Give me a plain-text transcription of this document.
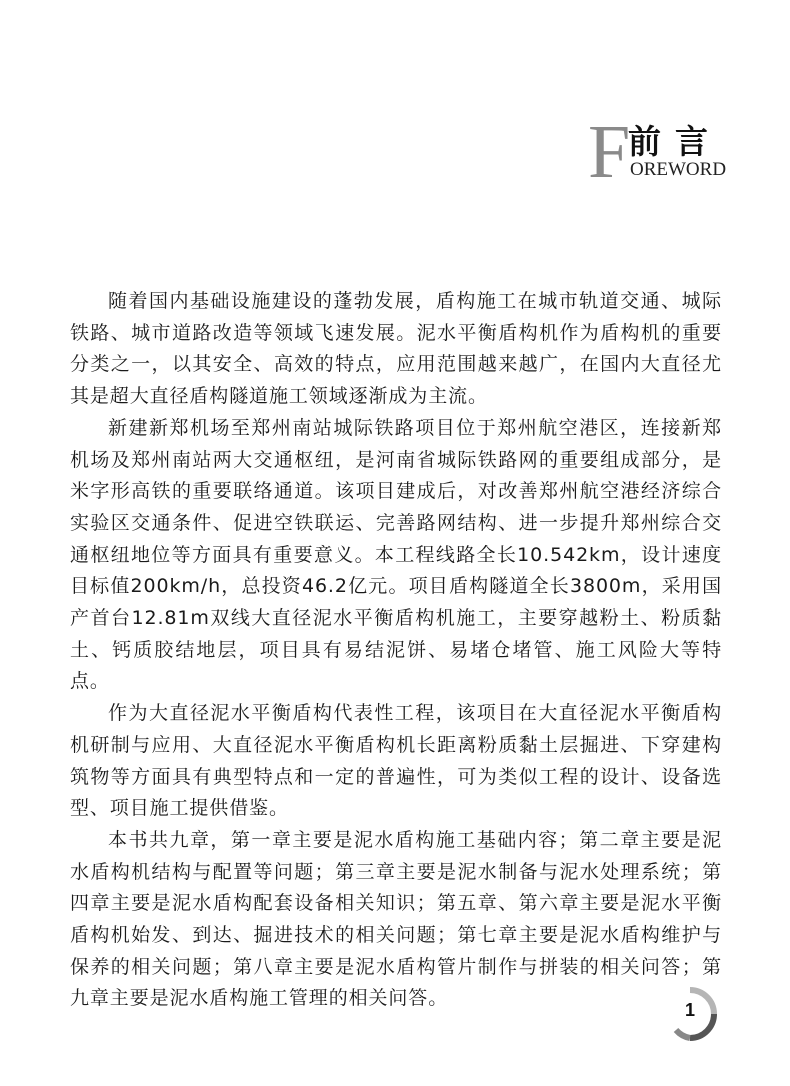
F
前言
OREWORD

随着国内基础设施建设的蓬勃发展，盾构施工在城市轨道交通、城际铁路、城市道路改造等领域飞速发展。泥水平衡盾构机作为盾构机的重要分类之一，以其安全、高效的特点，应用范围越来越广，在国内大直径尤其是超大直径盾构隧道施工领域逐渐成为主流。

新建新郑机场至郑州南站城际铁路项目位于郑州航空港区，连接新郑机场及郑州南站两大交通枢纽，是河南省城际铁路网的重要组成部分，是米字形高铁的重要联络通道。该项目建成后，对改善郑州航空港经济综合实验区交通条件、促进空铁联运、完善路网结构、进一步提升郑州综合交通枢纽地位等方面具有重要意义。本工程线路全长10.542km，设计速度目标值200km/h，总投资46.2亿元。项目盾构隧道全长3800m，采用国产首台12.81m双线大直径泥水平衡盾构机施工，主要穿越粉土、粉质黏土、钙质胶结地层，项目具有易结泥饼、易堵仓堵管、施工风险大等特点。

作为大直径泥水平衡盾构代表性工程，该项目在大直径泥水平衡盾构机研制与应用、大直径泥水平衡盾构机长距离粉质黏土层掘进、下穿建构筑物等方面具有典型特点和一定的普遍性，可为类似工程的设计、设备选型、项目施工提供借鉴。

本书共九章，第一章主要是泥水盾构施工基础内容；第二章主要是泥水盾构机结构与配置等问题；第三章主要是泥水制备与泥水处理系统；第四章主要是泥水盾构配套设备相关知识；第五章、第六章主要是泥水平衡盾构机始发、到达、掘进技术的相关问题；第七章主要是泥水盾构维护与保养的相关问题；第八章主要是泥水盾构管片制作与拼装的相关问答；第九章主要是泥水盾构施工管理的相关问答。

1
